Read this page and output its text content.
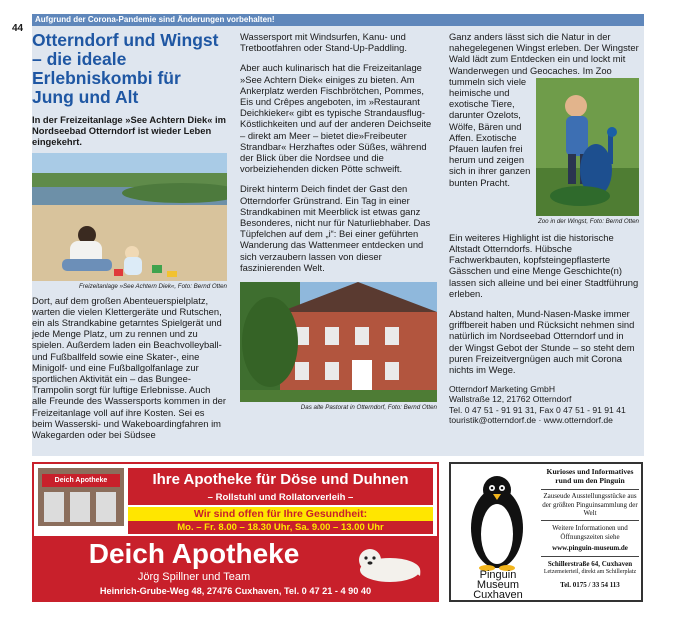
44
Aufgrund der Corona-Pandemie sind Änderungen vorbehalten!
Otterndorf und Wingst – die ideale Erlebniskombi für Jung und Alt
In der Freizeitanlage »See Achtern Diek« im Nordseebad Otterndorf ist wieder Leben eingekehrt.
Freizeitanlage »See Achtern Diek«, Foto: Bernd Otten

Dort, auf dem großen Abenteuerspielplatz, warten die vielen Klettergeräte und Rutschen, ein als Strandkabine getarntes Spielgerät und jede Menge Platz, um zu rennen und zu spielen. Außerdem laden ein Beachvolleyball- und Fußballfeld sowie eine Skater-, eine Minigolf- und eine Fußballgolfanlage zur sportlichen Aktivität ein – das Bungee-Trampolin sorgt für luftige Erlebnisse. Auch alle Freunde des Wassersports kommen in der Freizeitanlage voll auf ihre Kosten. Sei es beim Wasserski- und Wakeboardingfahren im Wakegarden oder bei Südsee

Wassersport mit Windsurfen, Kanu- und Tretbootfahren oder Stand-Up-Paddling.

Aber auch kulinarisch hat die Freizeitanlage »See Achtern Diek« einiges zu bieten. Am Ankerplatz werden Fischbrötchen, Pommes, Eis und Crêpes angeboten, im »Restaurant Deichkieker« gibt es typische Strandausflug-Köstlichkeiten und auf der anderen Deichseite – direkt am Meer – bietet die»Freibeuter Strandbar« Herzhaftes oder Süßes, während der Blick über die Nordsee und die vorbeiziehenden dicken Pötte schweift.

Direkt hinterm Deich findet der Gast den Otterndorfer Grünstrand. Ein Tag in einer Strandkabinen mit Meerblick ist etwas ganz Besonderes, nicht nur für Naturliebhaber. Das Tüpfelchen auf dem „i“: Bei einer geführten Wanderung das Wattenmeer entdecken und sich verzaubern lassen von dieser faszinierenden Welt.

Das alte Pastorat in Otterndorf, Foto: Bernd Otten

Ganz anders lässt sich die Natur in der nahegelegenen Wingst erleben. Der Wingster Wald lädt zum Entdecken ein und lockt mit Wanderwegen und Geocaches. Im Zoo

tummeln sich viele heimische und exotische Tiere, darunter Ozelots, Wölfe, Bären und Affen. Exotische Pfauen laufen frei herum und zeigen sich in ihrer ganzen bunten Pracht.

Zoo in der Wingst, Foto: Bernd Otten

Ein weiteres Highlight ist die historische Altstadt Otterndorfs. Hübsche Fachwerkbauten, kopfsteingepflasterte Gässchen und eine Menge Geschichte(n) lassen sich alleine und bei einer Stadtführung erleben.

Abstand halten, Mund-Nasen-Maske immer griffbereit haben und Rücksicht nehmen sind natürlich im Nordseebad Otterndorf und in der Wingst Gebot der Stunde – so steht dem puren Freizeitvergnügen auch mit Corona nichts im Wege.

Otterndorf Marketing GmbH
Wallstraße 12, 21762 Otterndorf
Tel. 0 47 51 - 91 91 31, Fax 0 47 51 - 91 91 41
touristik@otterndorf.de · www.otterndorf.de
Deich Apotheke	Ihre Apotheke für Döse und Duhnen
– Rollstuhl und Rollatorverleih –
Wir sind offen für Ihre Gesundheit:
Mo. – Fr. 8.00 – 18.30 Uhr, Sa. 9.00 – 13.00 Uhr
Deich Apotheke
Jörg Spillner und Team
Heinrich-Grube-Weg 48, 27476 Cuxhaven, Tel. 0 47 21 - 4 90 40
Pinguin
Museum
Cuxhaven
Kurioses und Informatives
rund um den Pinguin
Zauseude Ausstellungsstücke aus der größten Pinguinsammlung der Welt
Weitere Informationen und Öffnungszeiten siehe
www.pinguin-museum.de
Schillerstraße 64, Cuxhaven
Letzemeierteil, direkt am Schillerplatz
Tel. 0175 / 33 54 113
